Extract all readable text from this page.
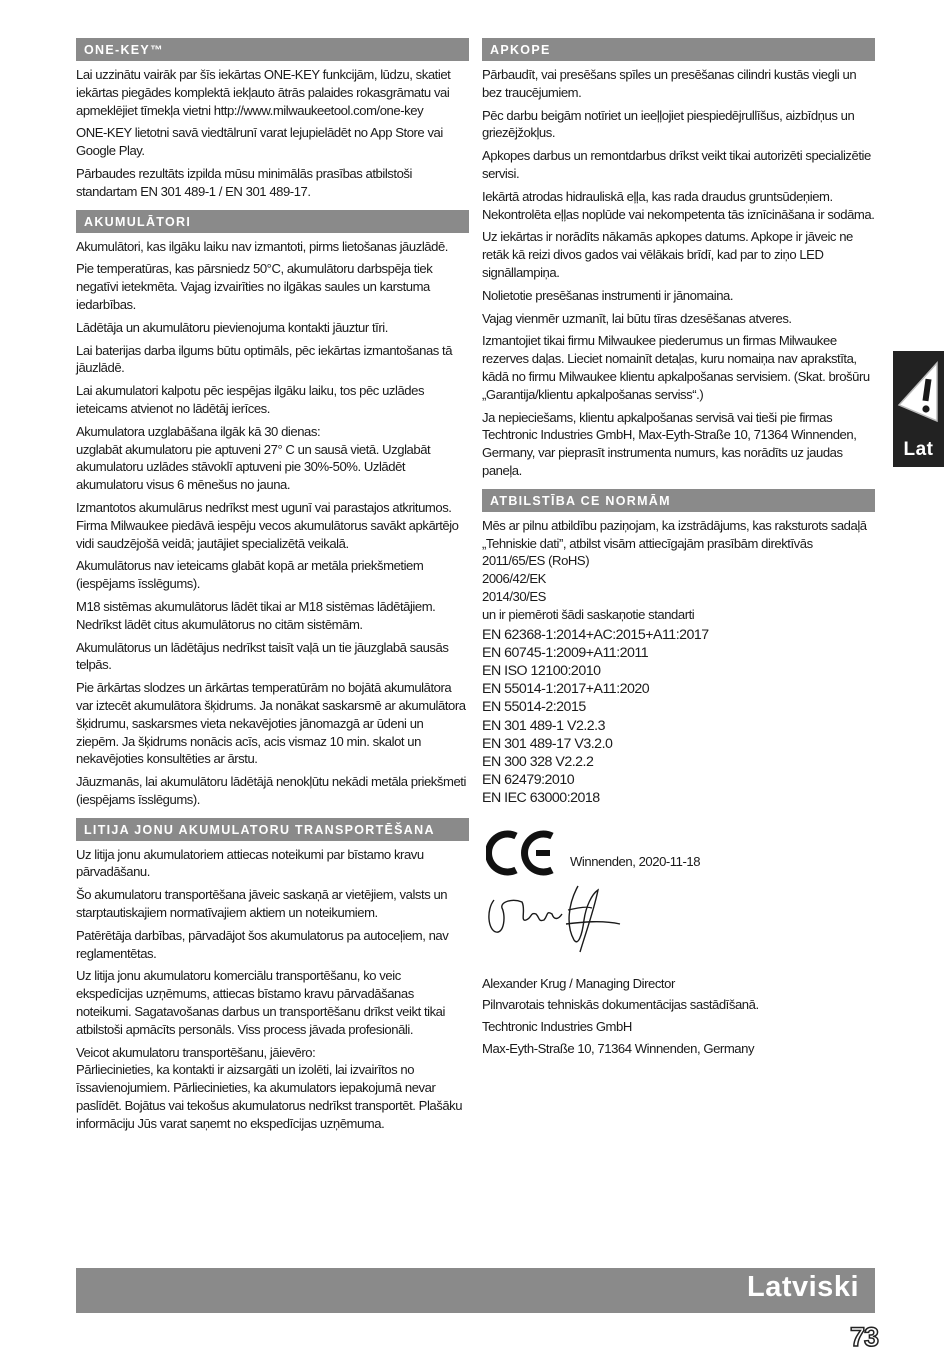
ONE-KEY™

Lai uzzinātu vairāk par šīs iekārtas ONE-KEY funkcijām, lūdzu, skatiet iekārtas piegādes komplektā iekļauto ātrās palaides rokasgrāmatu vai apmeklējiet tīmekļa vietni http://www.milwaukeetool.com/one-key

ONE-KEY lietotni savā viedtālrunī varat lejupielādēt no App Store vai Google Play.

Pārbaudes rezultāts izpilda mūsu minimālās prasības atbilstoši standartam EN 301 489-1 / EN 301 489-17.

AKUMULĀTORI

Akumulātori, kas ilgāku laiku nav izmantoti, pirms lietošanas jāuzlādē.

Pie temperatūras, kas pārsniedz 50°C, akumulātoru darbspēja tiek negatīvi ietekmēta. Vajag izvairīties no ilgākas saules un karstuma iedarbības.

Lādētāja un akumulātoru pievienojuma kontakti jāuztur tīri.

Lai baterijas darba ilgums būtu optimāls, pēc iekārtas izmantošanas tā jāuzlādē.

Lai akumulatori kalpotu pēc iespējas ilgāku laiku, tos pēc uzlādes ieteicams atvienot no lādētāj ierīces.

Akumulatora uzglabāšana ilgāk kā 30 dienas:
uzglabāt akumulatoru pie aptuveni 27° C un sausā vietā. Uzglabāt akumulatoru uzlādes stāvoklī aptuveni pie 30%-50%. Uzlādēt akumulatoru visus 6 mēnešus no jauna.

Izmantotos akumulārus nedrīkst mest ugunī vai parastajos atkritumos. Firma Milwaukee piedāvā iespēju vecos akumulātorus savākt apkārtējo vidi saudzējošā veidā; jautājiet specializētā veikalā.

Akumulātorus nav ieteicams glabāt kopā ar metāla priekšmetiem (iespējams īsslēgums).

M18 sistēmas akumulātorus lādēt tikai ar M18 sistēmas lādētājiem. Nedrīkst lādēt citus akumulātorus no citām sistēmām.

Akumulātorus un lādētājus nedrīkst taisīt vaļā un tie jāuzglabā sausās telpās.

Pie ārkārtas slodzes un ārkārtas temperatūrām no bojātā akumulātora var iztecēt akumulātora šķidrums. Ja nonākat saskarsmē ar akumulātora šķidrumu, saskarsmes vieta nekavējoties jānomazgā ar ūdeni un ziepēm. Ja šķidrums nonācis acīs, acis vismaz 10 min. skalot un nekavējoties konsultēties ar ārstu.

Jāuzmanās, lai akumulātoru lādētājā nenokļūtu nekādi metāla priekšmeti (iespējams īsslēgums).

LITIJA JONU AKUMULATORU TRANSPORTĒŠANA

Uz litija jonu akumulatoriem attiecas noteikumi par bīstamo kravu pārvadāšanu.

Šo akumulatoru transportēšana jāveic saskaņā ar vietējiem, valsts un starptautiskajiem normatīvajiem aktiem un noteikumiem.

Patērētāja darbības, pārvadājot šos akumulatorus pa autoceļiem, nav reglamentētas.

Uz litija jonu akumulatoru komerciālu transportēšanu, ko veic ekspedīcijas uzņēmums, attiecas bīstamo kravu pārvadāšanas noteikumi. Sagatavošanas darbus un transportēšanu drīkst veikt tikai atbilstoši apmācīts personāls. Viss process jāvada profesionāli.

Veicot akumulatoru transportēšanu, jāievēro:
Pārliecinieties, ka kontakti ir aizsargāti un izolēti, lai izvairītos no īssavienojumiem. Pārliecinieties, ka akumulators iepakojumā nevar paslīdēt. Bojātus vai tekošus akumulatorus nedrīkst transportēt. Plašāku informāciju Jūs varat saņemt no ekspedīcijas uzņēmuma.

APKOPE

Pārbaudīt, vai presēšans spīles un presēšanas cilindri kustās viegli un bez traucējumiem.

Pēc darbu beigām notīriet un ieeļļojiet piespiedējrullīšus, aizbīdņus un griezējžokļus.

Apkopes darbus un remontdarbus drīkst veikt tikai autorizēti specializētie servisi.

Iekārtā atrodas hidrauliskā eļļa, kas rada draudus gruntsūdeņiem. Nekontrolēta eļļas noplūde vai nekompetenta tās iznīcināšana ir sodāma.

Uz iekārtas ir norādīts nākamās apkopes datums. Apkope ir jāveic ne retāk kā reizi divos gados vai vēlākais brīdī, kad par to ziņo LED signāllampiņa.

Nolietotie presēšanas instrumenti ir jānomaina.

Vajag vienmēr uzmanīt, lai būtu tīras dzesēšanas atveres.

Izmantojiet tikai firmu Milwaukee piederumus un firmas Milwaukee rezerves daļas. Lieciet nomainīt detaļas, kuru nomaiņa nav aprakstīta, kādā no firmu Milwaukee klientu apkalpošanas servisiem. (Skat. brošūru „Garantija/klientu apkalpošanas serviss“.)

Ja nepieciešams, klientu apkalpošanas servisā vai tieši pie firmas Techtronic Industries GmbH, Max-Eyth-Straße 10, 71364 Winnenden, Germany, var pieprasīt instrumenta numurs, kas norādīts uz jaudas paneļa.

ATBILSTĪBA CE NORMĀM

Mēs ar pilnu atbildību paziņojam, ka izstrādājums, kas raksturots sadaļā „Tehniskie dati”, atbilst visām attiecīgajām prasībām direktīvās

2011/65/ES (RoHS)
2006/42/EK
2014/30/ES
un ir piemēroti šādi saskaņotie standarti
EN 62368-1:2014+AC:2015+A11:2017
EN 60745-1:2009+A11:2011
EN ISO 12100:2010
EN 55014-1:2017+A11:2020
EN 55014-2:2015
EN 301 489-1 V2.2.3
EN 301 489-17 V3.2.0
EN 300 328 V2.2.2
EN 62479:2010
EN IEC 63000:2018
Winnenden, 2020-11-18

Alexander Krug / Managing Director

Pilnvarotais tehniskās dokumentācijas sastādīšanā.

Techtronic Industries GmbH

Max-Eyth-Straße 10, 71364 Winnenden, Germany

Lat
Latviski
73
